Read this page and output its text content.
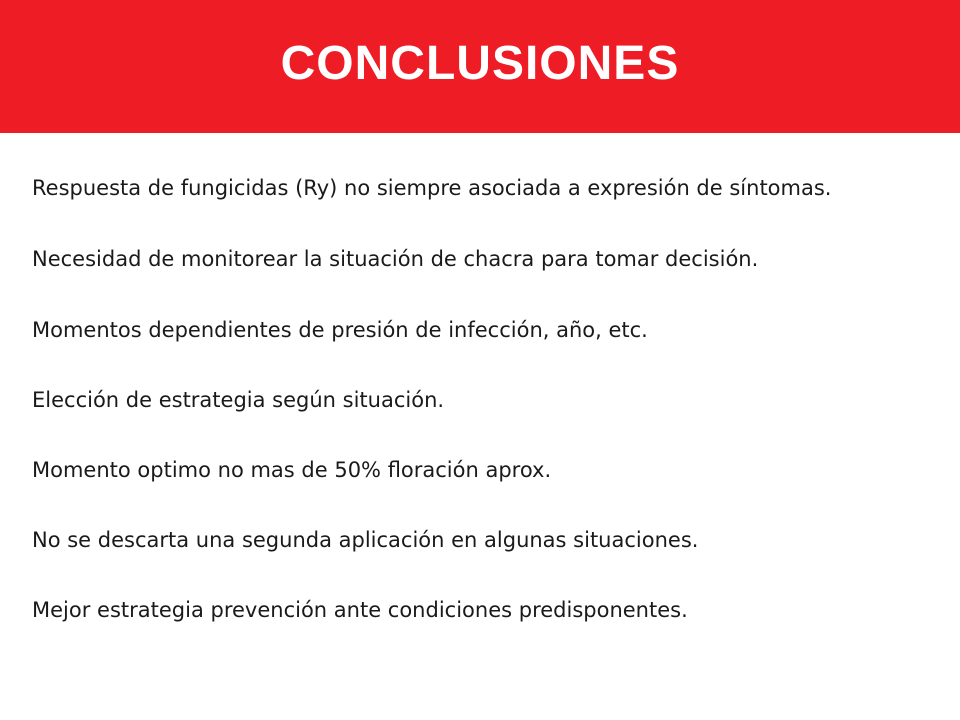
CONCLUSIONES
Respuesta de fungicidas (Ry) no siempre asociada a expresión de síntomas.
Necesidad de monitorear la situación de chacra para tomar decisión.
Momentos dependientes de presión de infección, año, etc.
Elección de estrategia según situación.
Momento optimo no mas de 50% floración aprox.
No se descarta una segunda aplicación en algunas situaciones.
Mejor estrategia prevención ante condiciones predisponentes.
